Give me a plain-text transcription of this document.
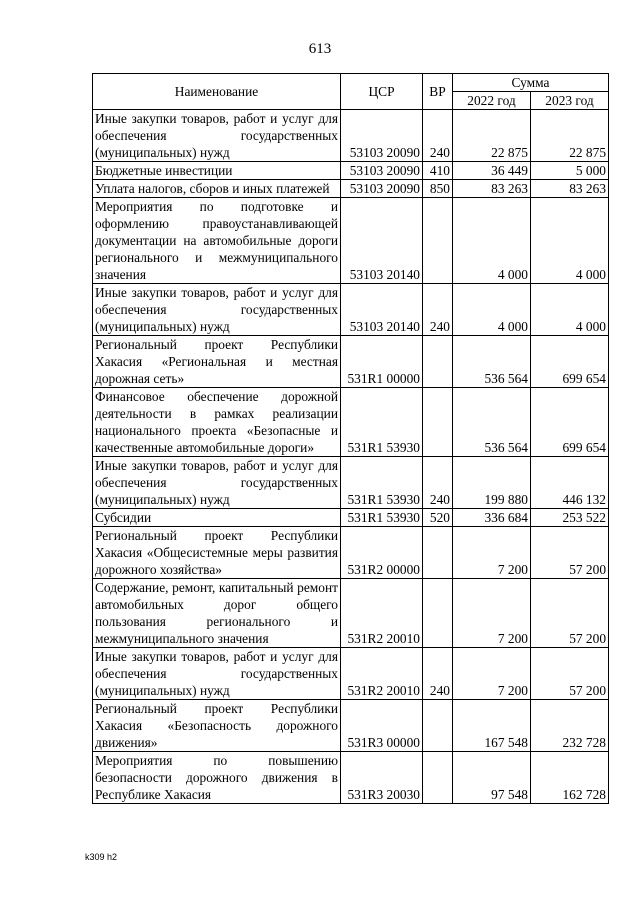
613
Наименование	ЦСР	ВР	Сумма	
			2022 год	2023 год
Иные закупки товаров, работ и услуг для обеспечения государственных (муниципальных) нужд	53103 20090	240	22 875	22 875
Бюджетные инвестиции	53103 20090	410	36 449	5 000
Уплата налогов, сборов и иных платежей	53103 20090	850	83 263	83 263
Мероприятия по подготовке и оформлению правоустанавливающей документации на автомобильные дороги регионального и межмуниципального значения	53103 20140		4 000	4 000
Иные закупки товаров, работ и услуг для обеспечения государственных (муниципальных) нужд	53103 20140	240	4 000	4 000
Региональный проект Республики Хакасия «Региональная и местная дорожная сеть»	531R1 00000		536 564	699 654
Финансовое обеспечение дорожной деятельности в рамках реализации национального проекта «Безопасные и качественные автомобильные дороги»	531R1 53930		536 564	699 654
Иные закупки товаров, работ и услуг для обеспечения государственных (муниципальных) нужд	531R1 53930	240	199 880	446 132
Субсидии	531R1 53930	520	336 684	253 522
Региональный проект Республики Хакасия «Общесистемные меры развития дорожного хозяйства»	531R2 00000		7 200	57 200
Содержание, ремонт, капитальный ремонт автомобильных дорог общего пользования регионального и межмуниципального значения	531R2 20010		7 200	57 200
Иные закупки товаров, работ и услуг для обеспечения государственных (муниципальных) нужд	531R2 20010	240	7 200	57 200
Региональный проект Республики Хакасия «Безопасность дорожного движения»	531R3 00000		167 548	232 728
Мероприятия по повышению безопасности дорожного движения в Республике Хакасия	531R3 20030		97 548	162 728
k309 h2
